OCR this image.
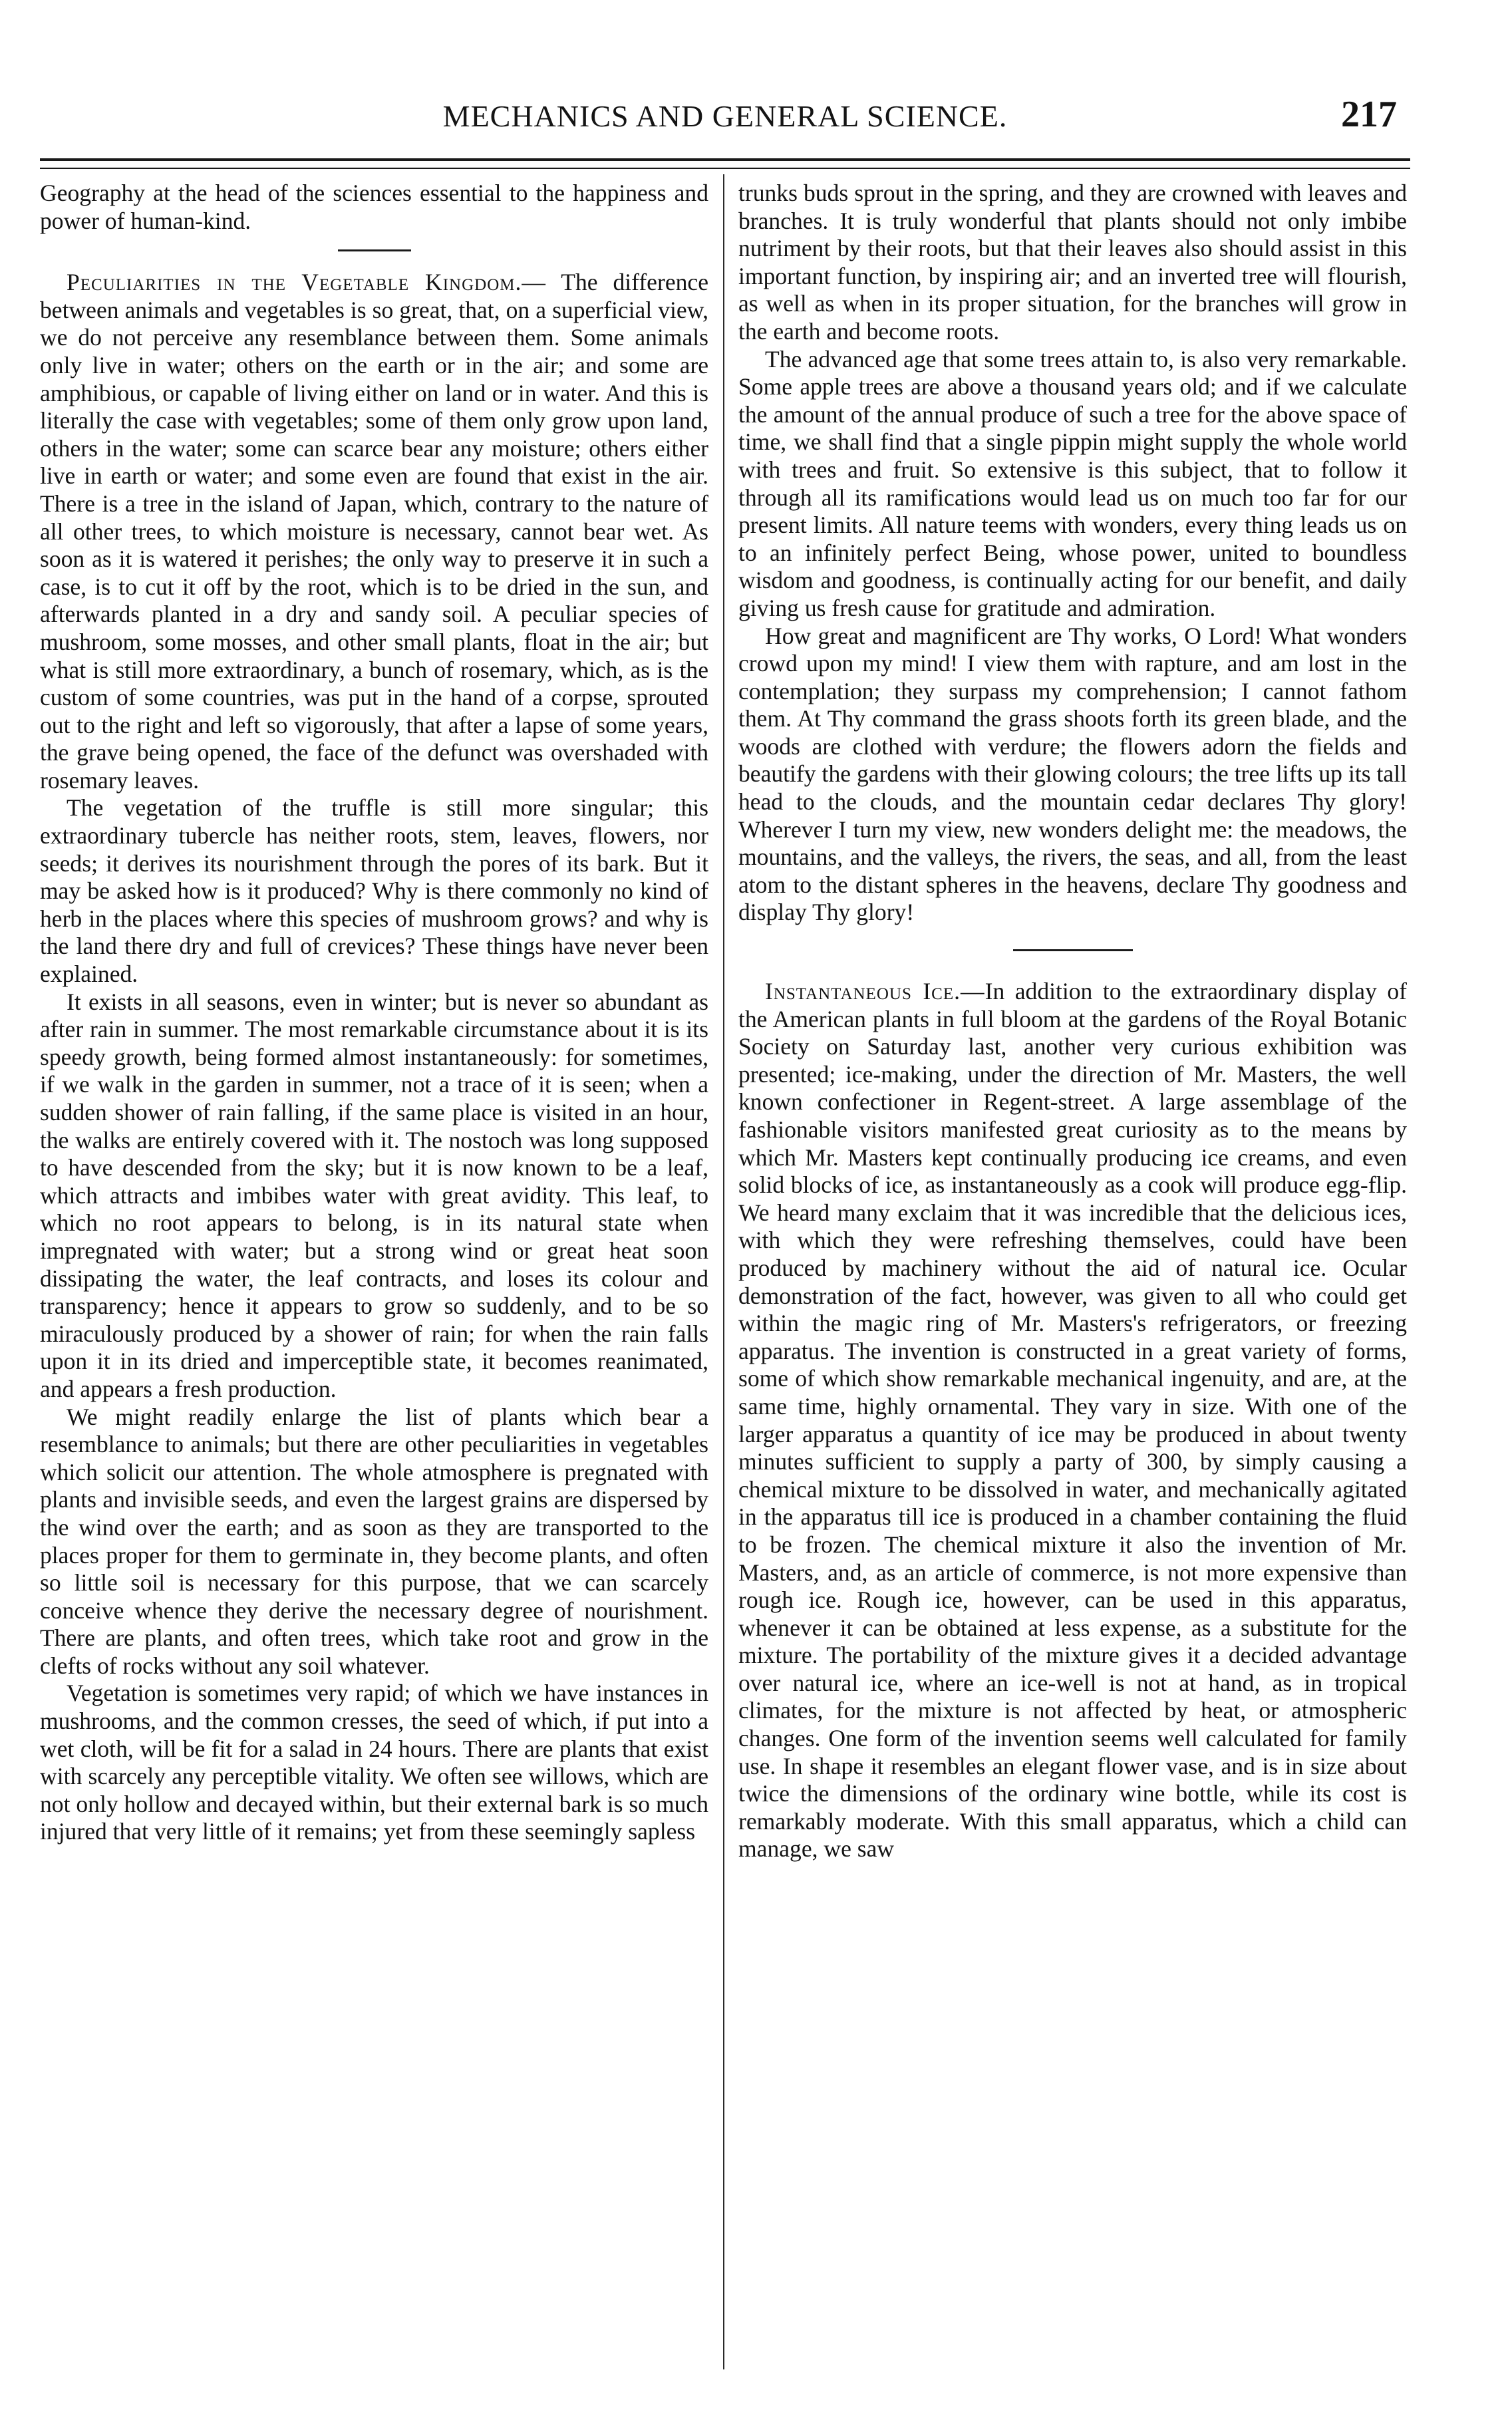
MECHANICS AND GENERAL SCIENCE.	217

Geography at the head of the sciences essential to the happiness and power of human-kind.

Peculiarities in the Vegetable Kingdom.— The difference between animals and vegetables is so great, that, on a superficial view, we do not perceive any resemblance between them. Some animals only live in water; others on the earth or in the air; and some are amphibious, or capable of living either on land or in water. And this is literally the case with vegetables; some of them only grow upon land, others in the water; some can scarce bear any moisture; others either live in earth or water; and some even are found that exist in the air. There is a tree in the island of Japan, which, contrary to the nature of all other trees, to which moisture is necessary, cannot bear wet. As soon as it is watered it perishes; the only way to preserve it in such a case, is to cut it off by the root, which is to be dried in the sun, and afterwards planted in a dry and sandy soil. A peculiar species of mushroom, some mosses, and other small plants, float in the air; but what is still more extraordinary, a bunch of rosemary, which, as is the custom of some countries, was put in the hand of a corpse, sprouted out to the right and left so vigorously, that after a lapse of some years, the grave being opened, the face of the defunct was overshaded with rosemary leaves.

The vegetation of the truffle is still more singular; this extraordinary tubercle has neither roots, stem, leaves, flowers, nor seeds; it derives its nourishment through the pores of its bark. But it may be asked how is it produced? Why is there commonly no kind of herb in the places where this species of mushroom grows? and why is the land there dry and full of crevices? These things have never been explained.

It exists in all seasons, even in winter; but is never so abundant as after rain in summer. The most remarkable circumstance about it is its speedy growth, being formed almost instantaneously: for sometimes, if we walk in the garden in summer, not a trace of it is seen; when a sudden shower of rain falling, if the same place is visited in an hour, the walks are entirely covered with it. The nostoch was long supposed to have descended from the sky; but it is now known to be a leaf, which attracts and imbibes water with great avidity. This leaf, to which no root appears to belong, is in its natural state when impregnated with water; but a strong wind or great heat soon dissipating the water, the leaf contracts, and loses its colour and transparency; hence it appears to grow so suddenly, and to be so miraculously produced by a shower of rain; for when the rain falls upon it in its dried and imperceptible state, it becomes reanimated, and appears a fresh production.

We might readily enlarge the list of plants which bear a resemblance to animals; but there are other peculiarities in vegetables which solicit our attention. The whole atmosphere is pregnated with plants and invisible seeds, and even the largest grains are dispersed by the wind over the earth; and as soon as they are transported to the places proper for them to germinate in, they become plants, and often so little soil is necessary for this purpose, that we can scarcely conceive whence they derive the necessary degree of nourishment. There are plants, and often trees, which take root and grow in the clefts of rocks without any soil whatever.

Vegetation is sometimes very rapid; of which we have instances in mushrooms, and the common cresses, the seed of which, if put into a wet cloth, will be fit for a salad in 24 hours. There are plants that exist with scarcely any perceptible vitality. We often see willows, which are not only hollow and decayed within, but their external bark is so much injured that very little of it remains; yet from these seemingly sapless

trunks buds sprout in the spring, and they are crowned with leaves and branches. It is truly wonderful that plants should not only imbibe nutriment by their roots, but that their leaves also should assist in this important function, by inspiring air; and an inverted tree will flourish, as well as when in its proper situation, for the branches will grow in the earth and become roots.

The advanced age that some trees attain to, is also very remarkable. Some apple trees are above a thousand years old; and if we calculate the amount of the annual produce of such a tree for the above space of time, we shall find that a single pippin might supply the whole world with trees and fruit. So extensive is this subject, that to follow it through all its ramifications would lead us on much too far for our present limits. All nature teems with wonders, every thing leads us on to an infinitely perfect Being, whose power, united to boundless wisdom and goodness, is continually acting for our benefit, and daily giving us fresh cause for gratitude and admiration.

How great and magnificent are Thy works, O Lord! What wonders crowd upon my mind! I view them with rapture, and am lost in the contemplation; they surpass my comprehension; I cannot fathom them. At Thy command the grass shoots forth its green blade, and the woods are clothed with verdure; the flowers adorn the fields and beautify the gardens with their glowing colours; the tree lifts up its tall head to the clouds, and the mountain cedar declares Thy glory! Wherever I turn my view, new wonders delight me: the meadows, the mountains, and the valleys, the rivers, the seas, and all, from the least atom to the distant spheres in the heavens, declare Thy goodness and display Thy glory!

Instantaneous Ice.—In addition to the extraordinary display of the American plants in full bloom at the gardens of the Royal Botanic Society on Saturday last, another very curious exhibition was presented; ice-making, under the direction of Mr. Masters, the well known confectioner in Regent-street. A large assemblage of the fashionable visitors manifested great curiosity as to the means by which Mr. Masters kept continually producing ice creams, and even solid blocks of ice, as instantaneously as a cook will produce egg-flip. We heard many exclaim that it was incredible that the delicious ices, with which they were refreshing themselves, could have been produced by machinery without the aid of natural ice. Ocular demonstration of the fact, however, was given to all who could get within the magic ring of Mr. Masters's refrigerators, or freezing apparatus. The invention is constructed in a great variety of forms, some of which show remarkable mechanical ingenuity, and are, at the same time, highly ornamental. They vary in size. With one of the larger apparatus a quantity of ice may be produced in about twenty minutes sufficient to supply a party of 300, by simply causing a chemical mixture to be dissolved in water, and mechanically agitated in the apparatus till ice is produced in a chamber containing the fluid to be frozen. The chemical mixture it also the invention of Mr. Masters, and, as an article of commerce, is not more expensive than rough ice. Rough ice, however, can be used in this apparatus, whenever it can be obtained at less expense, as a substitute for the mixture. The portability of the mixture gives it a decided advantage over natural ice, where an ice-well is not at hand, as in tropical climates, for the mixture is not affected by heat, or atmospheric changes. One form of the invention seems well calculated for family use. In shape it resembles an elegant flower vase, and is in size about twice the dimensions of the ordinary wine bottle, while its cost is remarkably moderate. With this small apparatus, which a child can manage, we saw
